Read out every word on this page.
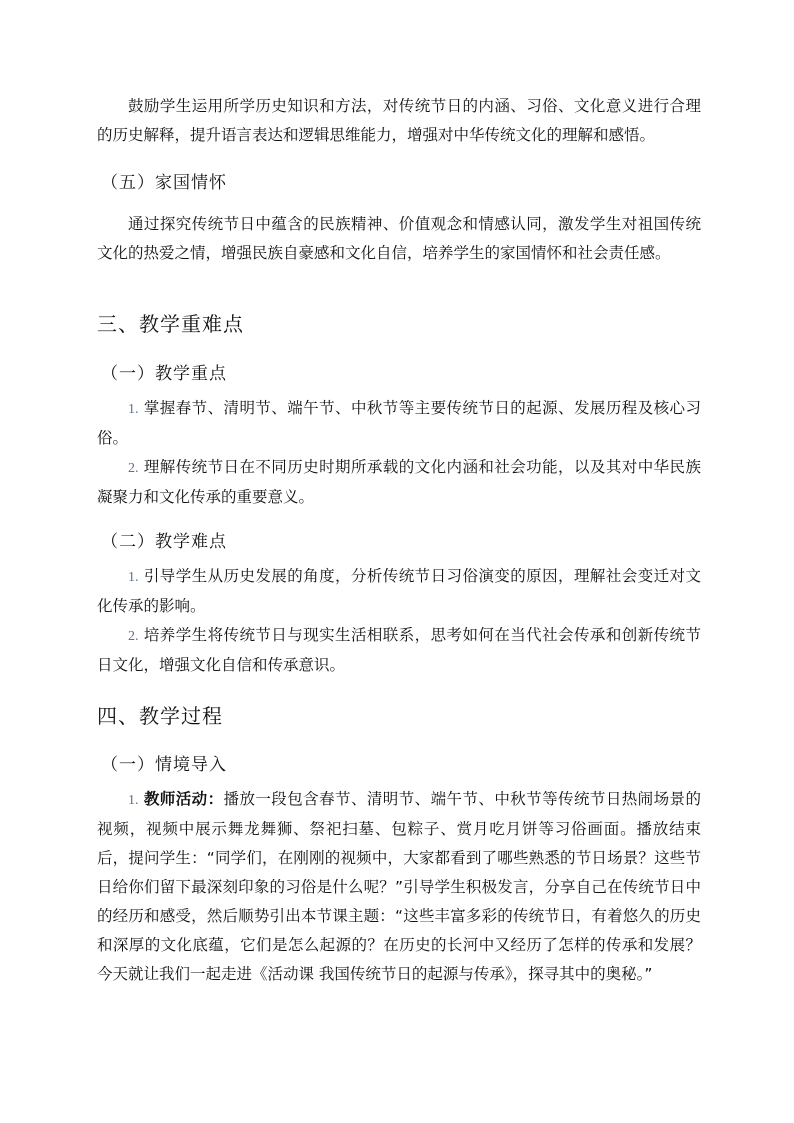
鼓励学生运用所学历史知识和方法，对传统节日的内涵、习俗、文化意义进行合理的历史解释，提升语言表达和逻辑思维能力，增强对中华传统文化的理解和感悟。

（五）家国情怀

通过探究传统节日中蕴含的民族精神、价值观念和情感认同，激发学生对祖国传统文化的热爱之情，增强民族自豪感和文化自信，培养学生的家国情怀和社会责任感。

三、教学重难点
（一）教学重点

1. 掌握春节、清明节、端午节、中秋节等主要传统节日的起源、发展历程及核心习俗。

2. 理解传统节日在不同历史时期所承载的文化内涵和社会功能，以及其对中华民族凝聚力和文化传承的重要意义。

（二）教学难点

1. 引导学生从历史发展的角度，分析传统节日习俗演变的原因，理解社会变迁对文化传承的影响。

2. 培养学生将传统节日与现实生活相联系，思考如何在当代社会传承和创新传统节日文化，增强文化自信和传承意识。

四、教学过程
（一）情境导入

1. 教师活动：播放一段包含春节、清明节、端午节、中秋节等传统节日热闹场景的视频，视频中展示舞龙舞狮、祭祀扫墓、包粽子、赏月吃月饼等习俗画面。播放结束后，提问学生：“同学们，在刚刚的视频中，大家都看到了哪些熟悉的节日场景？这些节日给你们留下最深刻印象的习俗是什么呢？”引导学生积极发言，分享自己在传统节日中的经历和感受，然后顺势引出本节课主题：“这些丰富多彩的传统节日，有着悠久的历史和深厚的文化底蕴，它们是怎么起源的？在历史的长河中又经历了怎样的传承和发展？今天就让我们一起走进《活动课 我国传统节日的起源与传承》，探寻其中的奥秘。”
